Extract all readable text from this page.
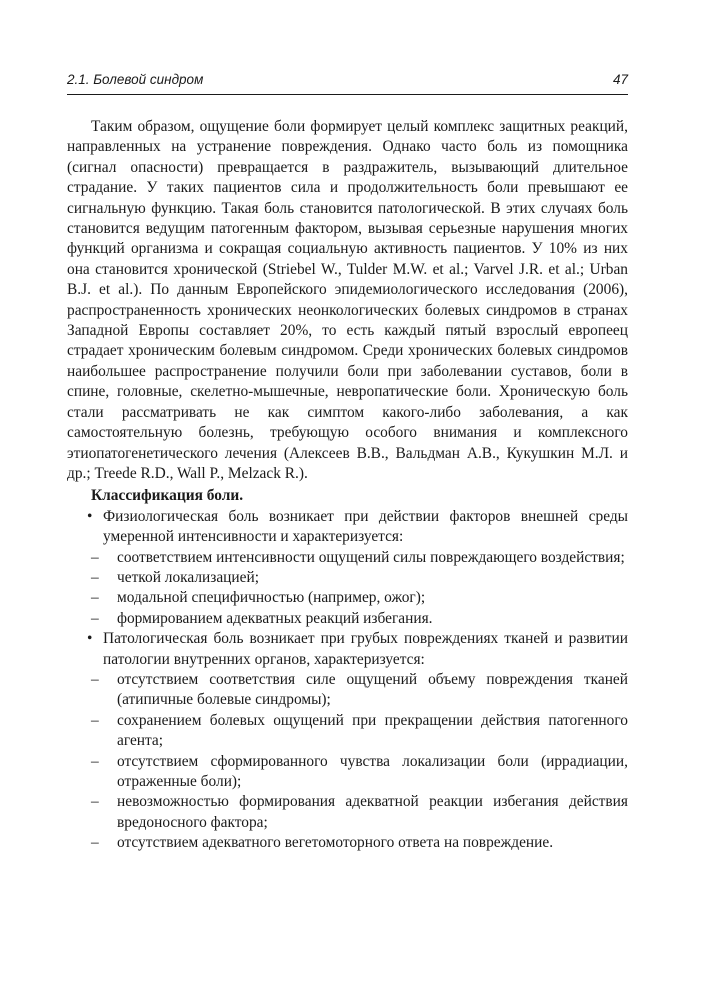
2.1. Болевой синдром	47

Таким образом, ощущение боли формирует целый комплекс защитных реакций, направленных на устранение повреждения. Однако часто боль из помощника (сигнал опасности) превращается в раздражитель, вызывающий длительное страдание. У таких пациентов сила и продолжительность боли превышают ее сигнальную функцию. Такая боль становится патологической. В этих случаях боль становится ведущим патогенным фактором, вызывая серьезные нарушения многих функций организма и сокращая социальную активность пациентов. У 10% из них она становится хронической (Striebel W., Tulder M.W. et al.; Varvel J.R. et al.; Urban B.J. et al.). По данным Европейского эпидемиологического исследования (2006), распространенность хронических неонкологических болевых синдромов в странах Западной Европы составляет 20%, то есть каждый пятый взрослый европеец страдает хроническим болевым синдромом. Среди хронических болевых синдромов наибольшее распространение получили боли при заболевании суставов, боли в спине, головные, скелетно-мышечные, невропатические боли. Хроническую боль стали рассматривать не как симптом какого-либо заболевания, а как самостоятельную болезнь, требующую особого внимания и комплексного этиопатогенетического лечения (Алексеев В.В., Вальдман А.В., Кукушкин М.Л. и др.; Treede R.D., Wall P., Melzack R.).

Классификация боли.

• Физиологическая боль возникает при действии факторов внешней среды умеренной интенсивности и характеризуется:
– соответствием интенсивности ощущений силы повреждающего воздействия;
– четкой локализацией;
– модальной специфичностью (например, ожог);
– формированием адекватных реакций избегания.
• Патологическая боль возникает при грубых повреждениях тканей и развитии патологии внутренних органов, характеризуется:
– отсутствием соответствия силе ощущений объему повреждения тканей (атипичные болевые синдромы);
– сохранением болевых ощущений при прекращении действия патогенного агента;
– отсутствием сформированного чувства локализации боли (иррадиации, отраженные боли);
– невозможностью формирования адекватной реакции избегания действия вредоносного фактора;
– отсутствием адекватного вегетомоторного ответа на повреждение.
